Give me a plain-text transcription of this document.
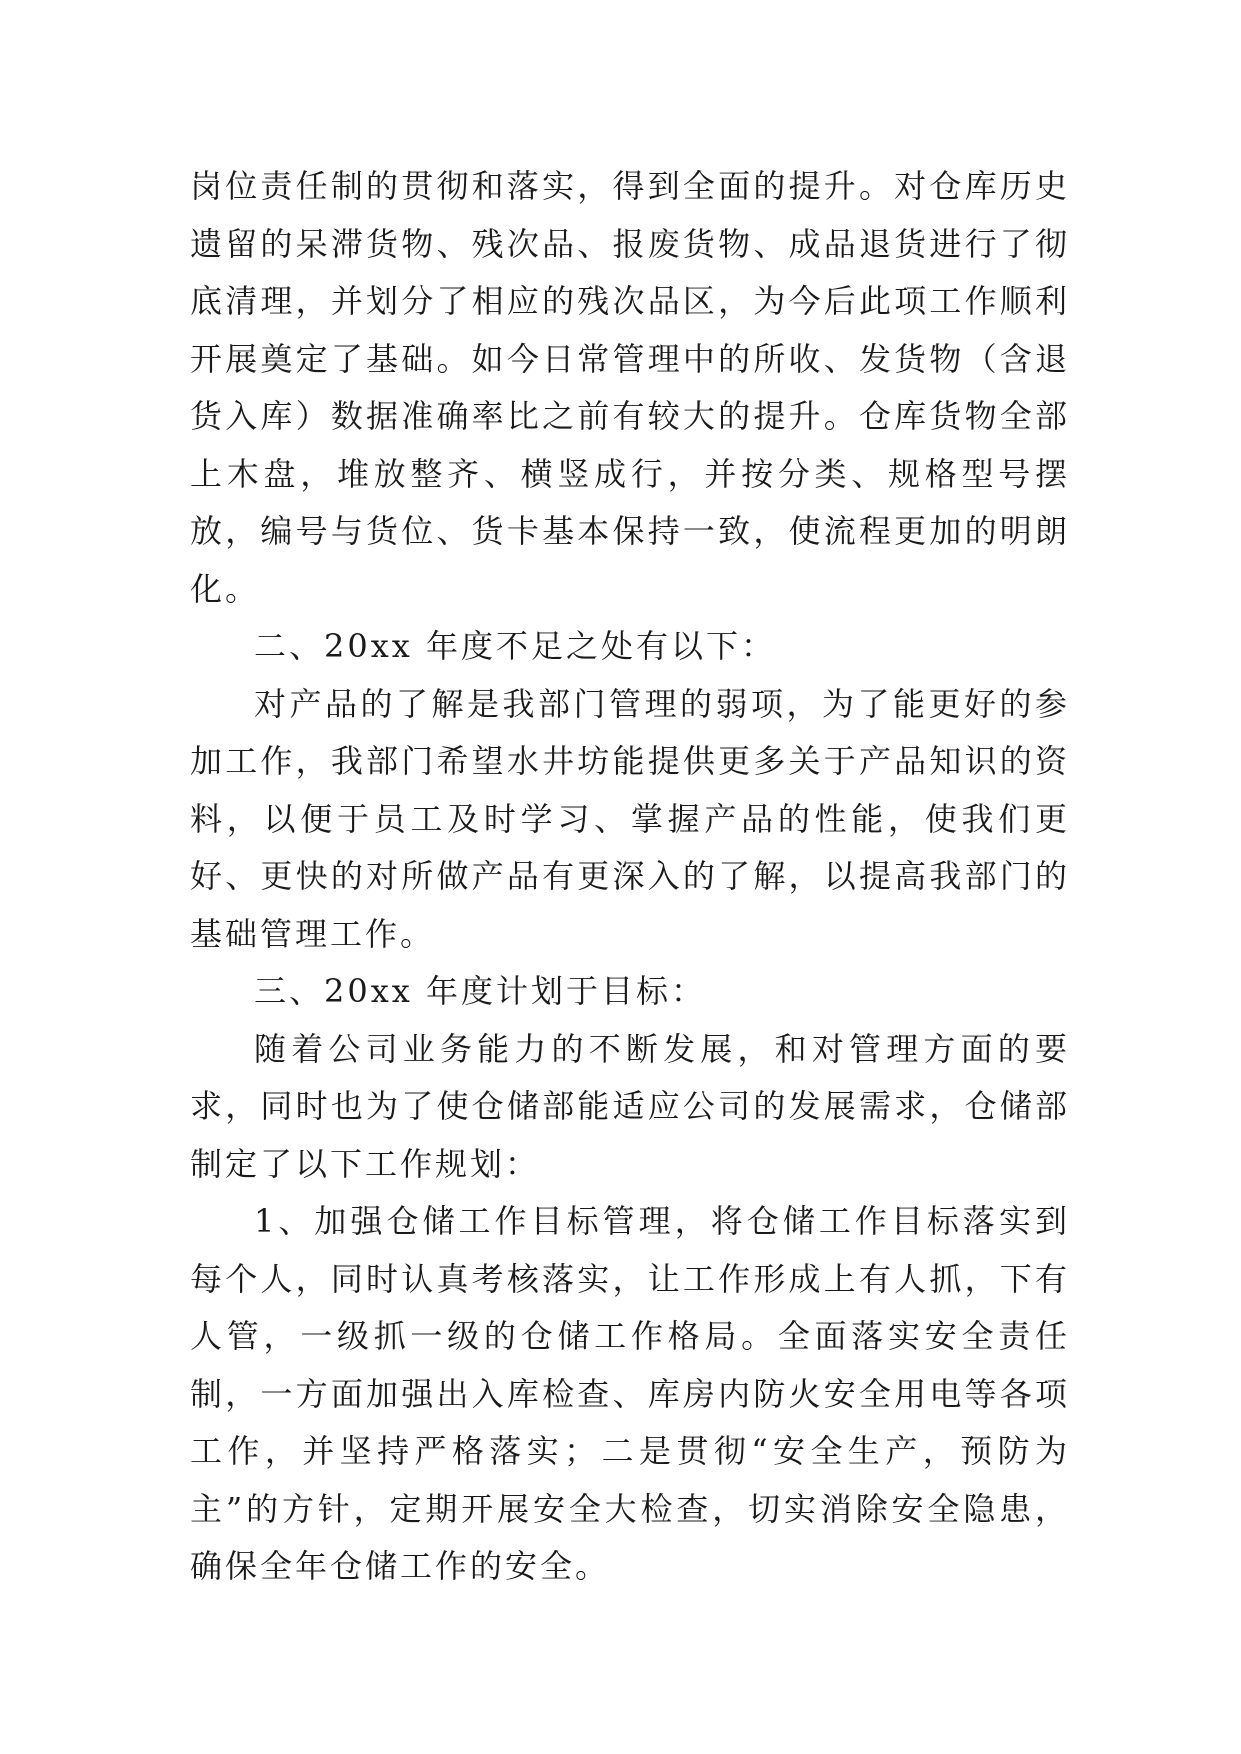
岗位责任制的贯彻和落实，得到全面的提升。对仓库历史遗留的呆滞货物、残次品、报废货物、成品退货进行了彻底清理，并划分了相应的残次品区，为今后此项工作顺利开展奠定了基础。如今日常管理中的所收、发货物（含退货入库）数据准确率比之前有较大的提升。仓库货物全部上木盘，堆放整齐、横竖成行，并按分类、规格型号摆放，编号与货位、货卡基本保持一致，使流程更加的明朗化。

二、20xx 年度不足之处有以下：

对产品的了解是我部门管理的弱项，为了能更好的参加工作，我部门希望水井坊能提供更多关于产品知识的资料，以便于员工及时学习、掌握产品的性能，使我们更好、更快的对所做产品有更深入的了解，以提高我部门的基础管理工作。

三、20xx 年度计划于目标：

随着公司业务能力的不断发展，和对管理方面的要求，同时也为了使仓储部能适应公司的发展需求，仓储部制定了以下工作规划：

1、加强仓储工作目标管理，将仓储工作目标落实到每个人，同时认真考核落实，让工作形成上有人抓，下有人管，一级抓一级的仓储工作格局。全面落实安全责任制，一方面加强出入库检查、库房内防火安全用电等各项工作，并坚持严格落实；二是贯彻“安全生产，预防为主”的方针，定期开展安全大检查，切实消除安全隐患，确保全年仓储工作的安全。
